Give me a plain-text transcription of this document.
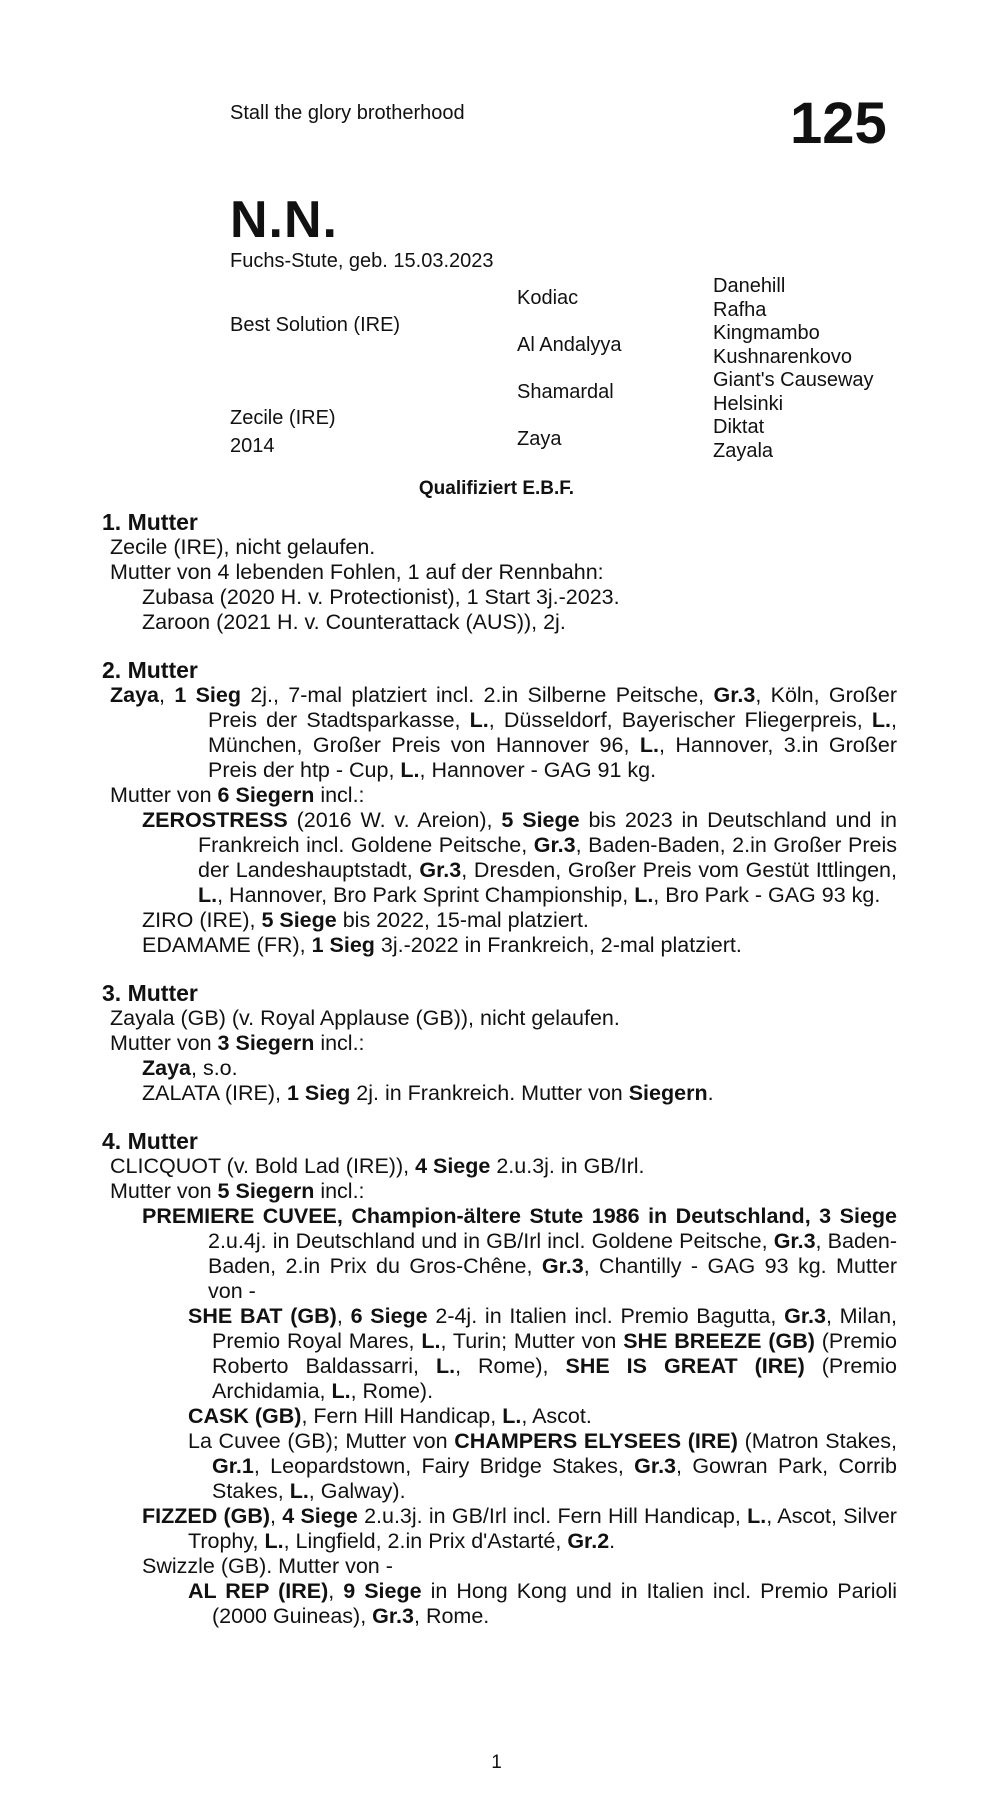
Stall the glory brotherhood	125
N.N.
Fuchs-Stute, geb. 15.03.2023
Best Solution (IRE)
Zecile (IRE)
2014
Kodiac
Al Andalyya
Shamardal
Zaya
Danehill
Rafha
Kingmambo
Kushnarenkovo
Giant's Causeway
Helsinki
Diktat
Zayala
Qualifiziert E.B.F.

1. Mutter

Zecile (IRE), nicht gelaufen.

Mutter von 4 lebenden Fohlen, 1 auf der Rennbahn:

Zubasa (2020 H. v. Protectionist), 1 Start 3j.-2023.

Zaroon (2021 H. v. Counterattack (AUS)), 2j.

2. Mutter

Zaya, 1 Sieg 2j., 7-mal platziert incl. 2.in Silberne Peitsche, Gr.3, Köln, Großer Preis der Stadtsparkasse, L., Düsseldorf, Bayerischer Fliegerpreis, L., München, Großer Preis von Hannover 96, L., Hannover, 3.in Großer Preis der htp - Cup, L., Hannover - GAG 91 kg.

Mutter von 6 Siegern incl.:

ZEROSTRESS (2016 W. v. Areion), 5 Siege bis 2023 in Deutschland und in Frankreich incl. Goldene Peitsche, Gr.3, Baden-Baden, 2.in Großer Preis der Landeshauptstadt, Gr.3, Dresden, Großer Preis vom Gestüt Ittlingen, L., Hannover, Bro Park Sprint Championship, L., Bro Park - GAG 93 kg.

ZIRO (IRE), 5 Siege bis 2022, 15-mal platziert.

EDAMAME (FR), 1 Sieg 3j.-2022 in Frankreich, 2-mal platziert.

3. Mutter

Zayala (GB) (v. Royal Applause (GB)), nicht gelaufen.

Mutter von 3 Siegern incl.:

Zaya, s.o.

ZALATA (IRE), 1 Sieg 2j. in Frankreich. Mutter von Siegern.

4. Mutter

CLICQUOT (v. Bold Lad (IRE)), 4 Siege 2.u.3j. in GB/Irl.

Mutter von 5 Siegern incl.:

PREMIERE CUVEE, Champion-ältere Stute 1986 in Deutschland, 3 Siege 2.u.4j. in Deutschland und in GB/Irl incl. Goldene Peitsche, Gr.3, Baden-Baden, 2.in Prix du Gros-Chêne, Gr.3, Chantilly - GAG 93 kg. Mutter von -

SHE BAT (GB), 6 Siege 2-4j. in Italien incl. Premio Bagutta, Gr.3, Milan, Premio Royal Mares, L., Turin; Mutter von SHE BREEZE (GB) (Premio Roberto Baldassarri, L., Rome), SHE IS GREAT (IRE) (Premio Archidamia, L., Rome).

CASK (GB), Fern Hill Handicap, L., Ascot.

La Cuvee (GB); Mutter von CHAMPERS ELYSEES (IRE) (Matron Stakes, Gr.1, Leopardstown, Fairy Bridge Stakes, Gr.3, Gowran Park, Corrib Stakes, L., Galway).

FIZZED (GB), 4 Siege 2.u.3j. in GB/Irl incl. Fern Hill Handicap, L., Ascot, Silver Trophy, L., Lingfield, 2.in Prix d'Astarté, Gr.2.

Swizzle (GB). Mutter von -

AL REP (IRE), 9 Siege in Hong Kong und in Italien incl. Premio Parioli (2000 Guineas), Gr.3, Rome.

1
